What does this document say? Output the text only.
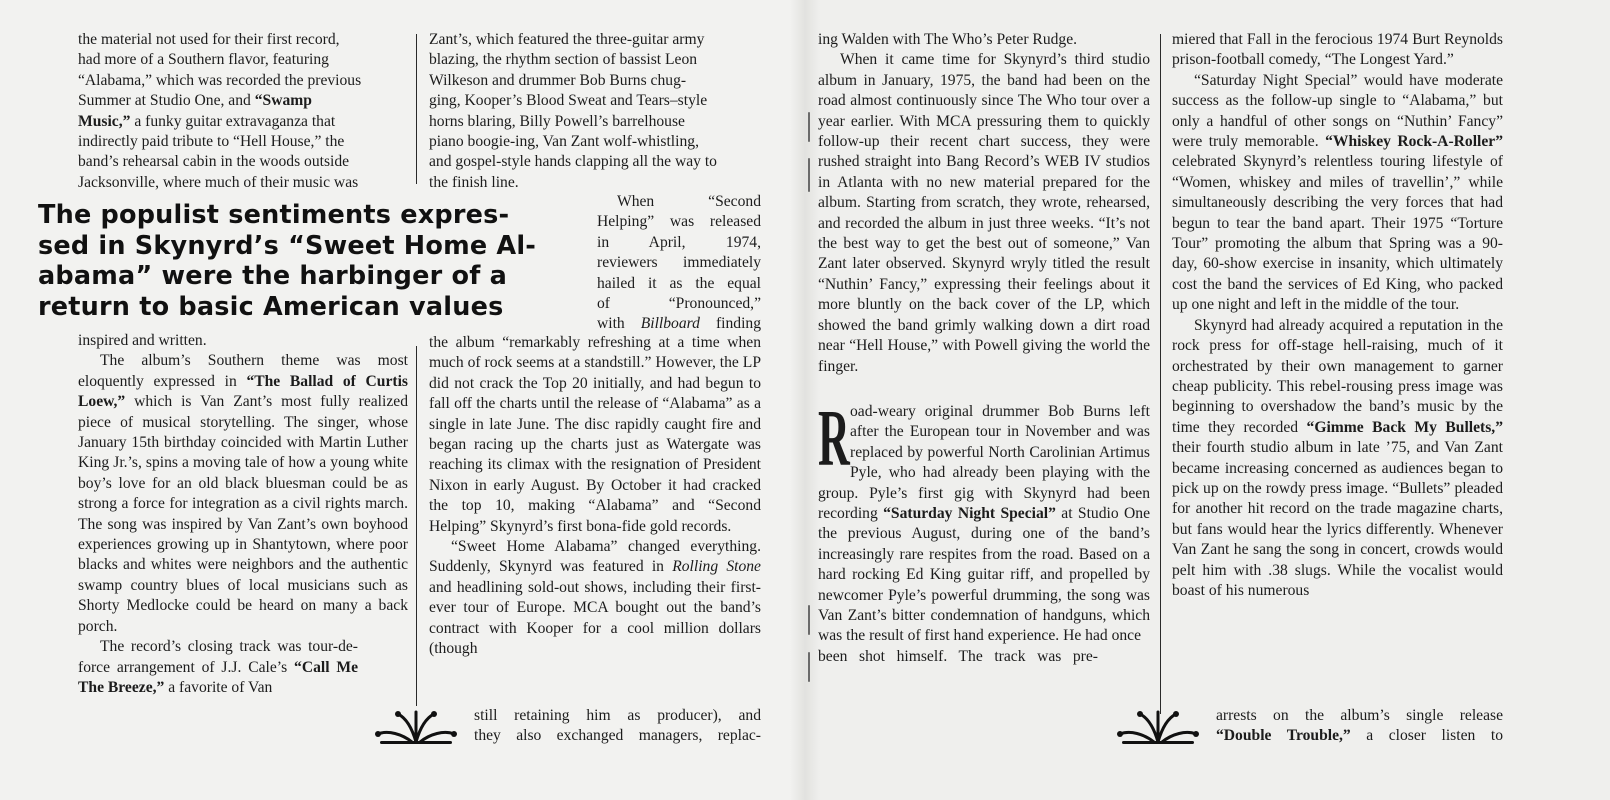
the material not used for their first record,
had more of a Southern flavor, featuring
“Alabama,” which was recorded the previous
Summer at Studio One, and “Swamp
Music,” a funky guitar extravaganza that
indirectly paid tribute to “Hell House,” the
band’s rehearsal cabin in the woods outside
Jacksonville, where much of their music was
Zant’s, which featured the three-guitar army
blazing, the rhythm section of bassist Leon
Wilkeson and drummer Bob Burns chug-
ging, Kooper’s Blood Sweat and Tears–style
horns blaring, Billy Powell’s barrelhouse
piano boogie-ing, Van Zant wolf-whistling,
and gospel-style hands clapping all the way to
the finish line.
The populist sentiments expres-
sed in Skynyrd’s “Sweet Home Al-
abama” were the harbinger of a
return to basic American values
When “Second
Helping” was released
in April, 1974,
reviewers immediately
hailed it as the equal
of “Pronounced,”
with Billboard finding

inspired and written.

The album’s Southern theme was most eloquently expressed in “The Ballad of Curtis Loew,” which is Van Zant’s most fully realized piece of musical storytelling. The singer, whose January 15th birthday coincided with Martin Luther King Jr.’s, spins a moving tale of how a young white boy’s love for an old black bluesman could be as strong a force for integration as a civil rights march. The song was inspired by Van Zant’s own boyhood experiences growing up in Shantytown, where poor blacks and whites were neighbors and the authentic swamp country blues of local musicians such as Shorty Medlocke could be heard on many a back porch.

The record’s closing track was tour-de-force arrangement of J.J. Cale’s “Call Me The Breeze,” a favorite of Van

the album “remarkably refreshing at a time when much of rock seems at a standstill.” However, the LP did not crack the Top 20 initially, and had begun to fall off the charts until the release of “Alabama” as a single in late June. The disc rapidly caught fire and began racing up the charts just as Watergate was reaching its climax with the resignation of President Nixon in early August. By October it had cracked the top 10, making “Alabama” and “Second Helping” Skynyrd’s first bona-fide gold records.

“Sweet Home Alabama” changed everything. Suddenly, Skynyrd was featured in Rolling Stone and headlining sold-out shows, including their first-ever tour of Europe. MCA bought out the band’s contract with Kooper for a cool million dollars (though

still retaining him as producer), and
they also exchanged managers, replac-

ing Walden with The Who’s Peter Rudge.

When it came time for Skynyrd’s third studio album in January, 1975, the band had been on the road almost continuously since The Who tour over a year earlier. With MCA pressuring them to quickly follow-up their recent chart success, they were rushed straight into Bang Record’s WEB IV studios in Atlanta with no new material prepared for the album. Starting from scratch, they wrote, rehearsed, and recorded the album in just three weeks. “It’s not the best way to get the best out of someone,” Van Zant later observed. Skynyrd wryly titled the result “Nuthin’ Fancy,” expressing their feelings about it more bluntly on the back cover of the LP, which showed the band grimly walking down a dirt road near “Hell House,” with Powell giving the world the finger.

Road-weary original drummer Bob Burns left after the European tour in November and was replaced by powerful North Carolinian Artimus Pyle, who had already been playing with the group. Pyle’s first gig with Skynyrd had been recording “Saturday Night Special” at Studio One the previous August, during one of the band’s increasingly rare respites from the road. Based on a hard rocking Ed King guitar riff, and propelled by newcomer Pyle’s powerful drumming, the song was Van Zant’s bitter condemnation of handguns, which was the result of first hand experience. He had once

been shot himself. The track was pre-

miered that Fall in the ferocious 1974 Burt Reynolds prison-football comedy, “The Longest Yard.”

“Saturday Night Special” would have moderate success as the follow-up single to “Alabama,” but only a handful of other songs on “Nuthin’ Fancy” were truly memorable. “Whiskey Rock-A-Roller” celebrated Skynyrd’s relentless touring lifestyle of “Women, whiskey and miles of travellin’,” while simultaneously describing the very forces that had begun to tear the band apart. Their 1975 “Torture Tour” promoting the album that Spring was a 90-day, 60-show exercise in insanity, which ultimately cost the band the services of Ed King, who packed up one night and left in the middle of the tour.

Skynyrd had already acquired a reputation in the rock press for off-stage hell-raising, much of it orchestrated by their own management to garner cheap publicity. This rebel-rousing press image was beginning to overshadow the band’s music by the time they recorded “Gimme Back My Bullets,” their fourth studio album in late ’75, and Van Zant became increasing concerned as audiences began to pick up on the rowdy press image. “Bullets” pleaded for another hit record on the trade magazine charts, but fans would hear the lyrics differently. Whenever Van Zant he sang the song in concert, crowds would pelt him with .38 slugs. While the vocalist would boast of his numerous

arrests on the album’s single release
“Double Trouble,” a closer listen to
